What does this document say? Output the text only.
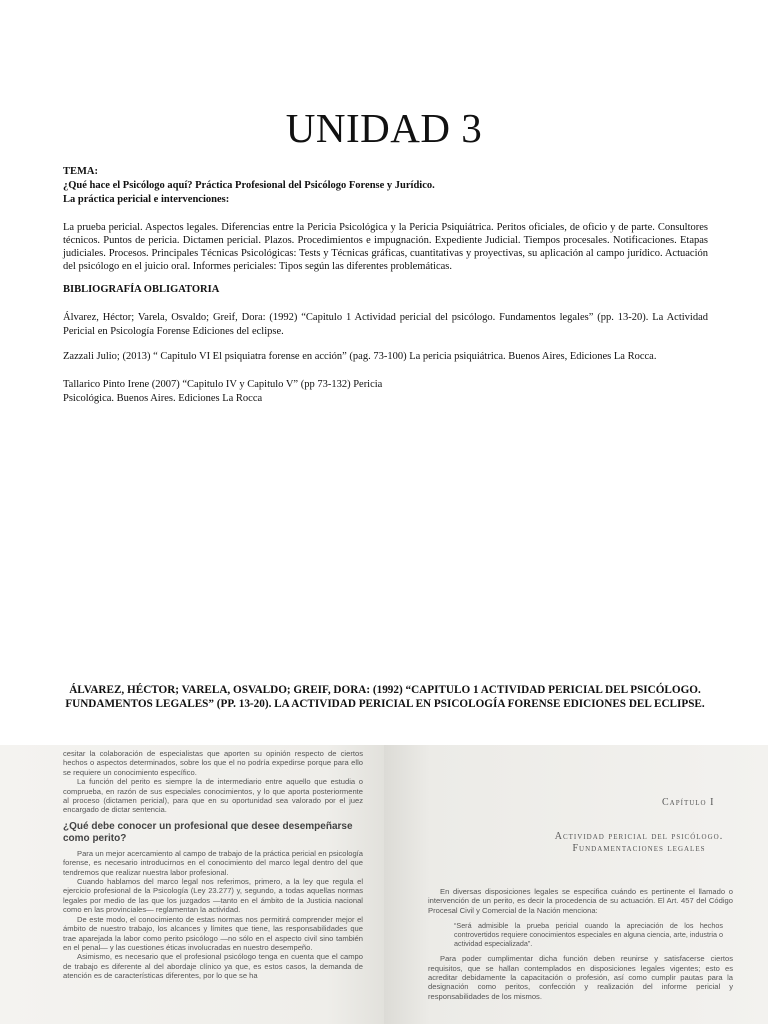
UNIDAD 3
TEMA:
¿Qué hace el Psicólogo aquí? Práctica Profesional del Psicólogo Forense y Jurídico.
La práctica pericial e intervenciones:

La prueba pericial. Aspectos legales. Diferencias entre la Pericia Psicológica y la Pericia Psiquiátrica. Peritos oficiales, de oficio y de parte. Consultores técnicos. Puntos de pericia. Dictamen pericial. Plazos. Procedimientos e impugnación. Expediente Judicial. Tiempos procesales. Notificaciones. Etapas judiciales. Procesos. Principales Técnicas Psicológicas: Tests y Técnicas gráficas, cuantitativas y proyectivas, su aplicación al campo jurídico. Actuación del psicólogo en el juicio oral. Informes periciales: Tipos según las diferentes problemáticas.

BIBLIOGRAFÍA OBLIGATORIA

Álvarez, Héctor; Varela, Osvaldo; Greif, Dora: (1992) “Capitulo 1 Actividad pericial del psicólogo. Fundamentos legales” (pp. 13-20). La Actividad Pericial en Psicología Forense Ediciones del eclipse.

Zazzali Julio; (2013) “ Capitulo VI El psiquiatra forense en acción” (pag. 73-100) La pericia psiquiátrica. Buenos Aires, Ediciones La Rocca.

Tallarico Pinto Irene (2007) “Capitulo IV y Capitulo V” (pp 73-132) Pericia
Psicológica. Buenos Aires. Ediciones La Rocca
ÁLVAREZ, HÉCTOR; VARELA, OSVALDO; GREIF, DORA: (1992) “CAPITULO 1 ACTIVIDAD PERICIAL DEL PSICÓLOGO.
FUNDAMENTOS LEGALES” (PP. 13-20). LA ACTIVIDAD PERICIAL EN PSICOLOGÍA FORENSE EDICIONES DEL ECLIPSE.

cesitar la colaboración de especialistas que aporten su opinión respecto de ciertos hechos o aspectos determinados, sobre los que el no podría expedirse porque para ello se requiere un conocimiento específico.

La función del perito es siempre la de intermediario entre aquello que estudia o comprueba, en razón de sus especiales conocimientos, y lo que aporta posteriormente al proceso (dictamen pericial), para que en su oportunidad sea valorado por el juez encargado de dictar sentencia.

¿Qué debe conocer un profesional que desee desempeñarse como perito?

Para un mejor acercamiento al campo de trabajo de la práctica pericial en psicología forense, es necesario introducirnos en el conocimiento del marco legal dentro del que tendremos que realizar nuestra labor profesional.

Cuando hablamos del marco legal nos referimos, primero, a la ley que regula el ejercicio profesional de la Psicología (Ley 23.277) y, segundo, a todas aquellas normas legales por medio de las que los juzgados —tanto en el ámbito de la Justicia nacional como en las provinciales— reglamentan la actividad.

De este modo, el conocimiento de estas normas nos permitirá comprender mejor el ámbito de nuestro trabajo, los alcances y límites que tiene, las responsabilidades que trae aparejada la labor como perito psicólogo —no sólo en el aspecto civil sino también en el penal— y las cuestiones éticas involucradas en nuestro desempeño.

Asimismo, es necesario que el profesional psicólogo tenga en cuenta que el campo de trabajo es diferente al del abordaje clínico ya que, es estos casos, la demanda de atención es de características diferentes, por lo que se ha

Capítulo I
Actividad pericial del psicólogo.
Fundamentaciones legales

En diversas disposiciones legales se especifica cuándo es pertinente el llamado o intervención de un perito, es decir la procedencia de su actuación. El Art. 457 del Código Procesal Civil y Comercial de la Nación menciona:

“Será admisible la prueba pericial cuando la apreciación de los hechos controvertidos requiere conocimientos especiales en alguna ciencia, arte, industria o actividad especializada”.

Para poder cumplimentar dicha función deben reunirse y satisfacerse ciertos requisitos, que se hallan contemplados en disposiciones legales vigentes; esto es acreditar debidamente la capacitación o profesión, así como cumplir pautas para la designación como peritos, confección y realización del informe pericial y responsabilidades de los mismos.
